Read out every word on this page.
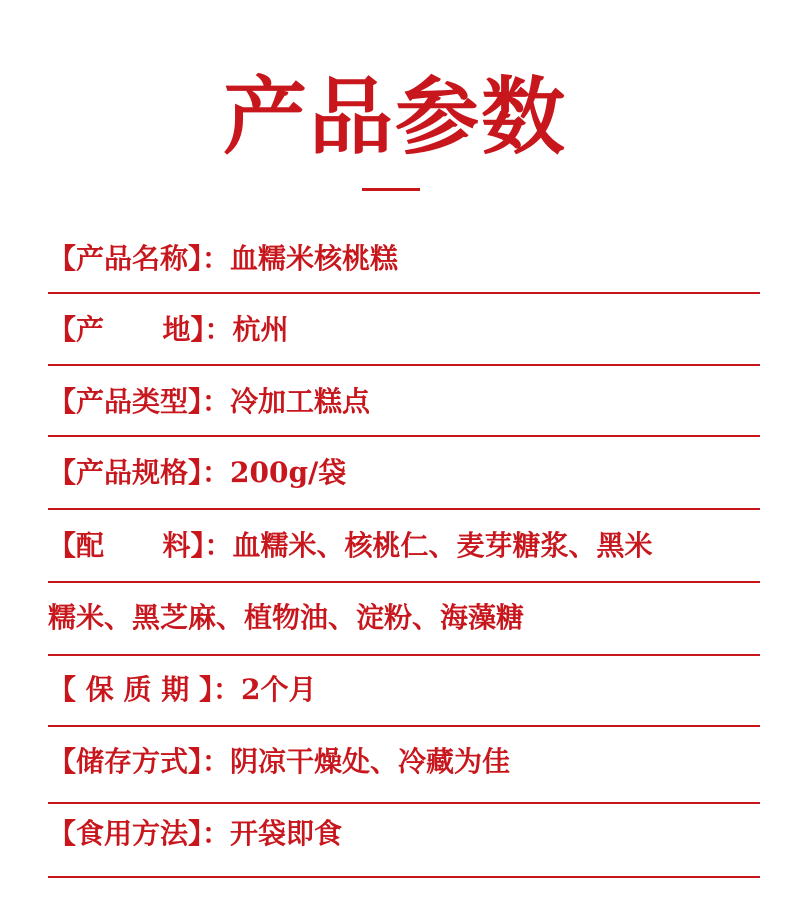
产品参数
【产品名称】：血糯米核桃糕
【产      地】：杭州
【产品类型】：冷加工糕点
【产品规格】：200g/袋
【配      料】：血糯米、核桃仁、麦芽糖浆、黑米
糯米、黑芝麻、植物油、淀粉、海藻糖
【 保 质 期 】：2个月
【储存方式】：阴凉干燥处、冷藏为佳
【食用方法】：开袋即食
